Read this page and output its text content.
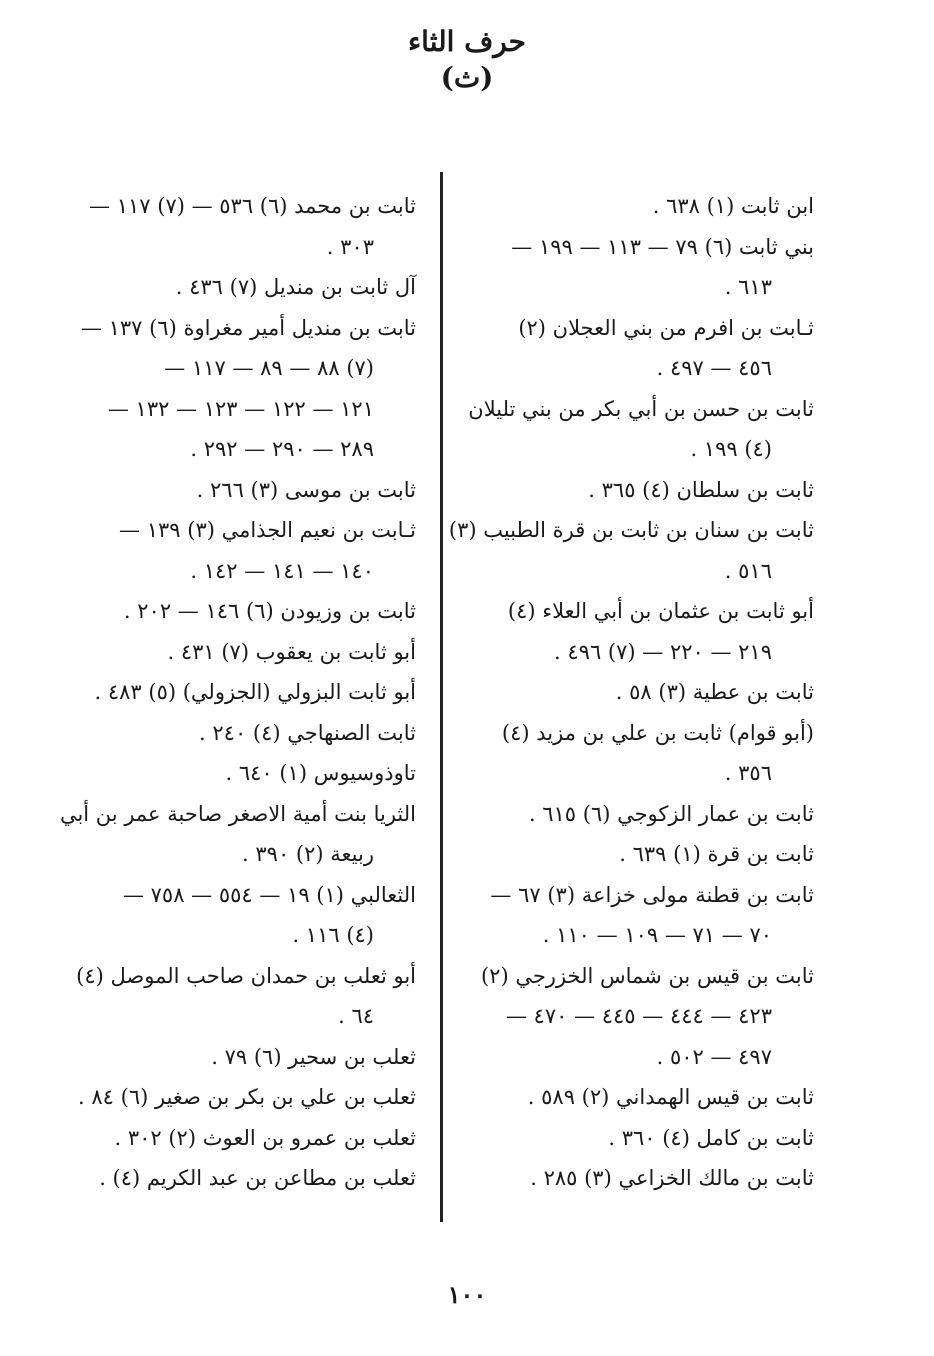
حرف الثاء
(ث)
ابن ثابت (١) ٦٣٨ .
بني ثابت (٦) ٧٩ — ١١٣ — ١٩٩ —
٦١٣ .
ثـابت بن افرم من بني العجلان (٢)
٤٥٦ — ٤٩٧ .
ثابت بن حسن بن أبي بكر من بني تليلان
(٤) ١٩٩ .
ثابت بن سلطان (٤) ٣٦٥ .
ثابت بن سنان بن ثابت بن قرة الطبيب (٣)
٥١٦ .
أبو ثابت بن عثمان بن أبي العلاء (٤)
٢١٩ — ٢٢٠ — (٧) ٤٩٦ .
ثابت بن عطية (٣) ٥٨ .
(أبو قوام) ثابت بن علي بن مزيد (٤)
٣٥٦ .
ثابت بن عمار الزكوجي (٦) ٦١٥ .
ثابت بن قرة (١) ٦٣٩ .
ثابت بن قطنة مولى خزاعة (٣) ٦٧ —
٧٠ — ٧١ — ١٠٩ — ١١٠ .
ثابت بن قيس بن شماس الخزرجي (٢)
٤٢٣ — ٤٤٤ — ٤٤٥ — ٤٧٠ —
٤٩٧ — ٥٠٢ .
ثابت بن قيس الهمداني (٢) ٥٨٩ .
ثابت بن كامل (٤) ٣٦٠ .
ثابت بن مالك الخزاعي (٣) ٢٨٥ .
ثابت بن محمد (٦) ٥٣٦ — (٧) ١١٧ —
٣٠٣ .
آل ثابت بن منديل (٧) ٤٣٦ .
ثابت بن منديل أمير مغراوة (٦) ١٣٧ —
(٧) ٨٨ — ٨٩ — ١١٧ —
١٢١ — ١٢٢ — ١٢٣ — ١٣٢ —
٢٨٩ — ٢٩٠ — ٢٩٢ .
ثابت بن موسى (٣) ٢٦٦ .
ثـابت بن نعيم الجذامي (٣) ١٣٩ —
١٤٠ — ١٤١ — ١٤٢ .
ثابت بن وزيودن (٦) ١٤٦ — ٢٠٢ .
أبو ثابت بن يعقوب (٧) ٤٣١ .
أبو ثابت البزولي (الجزولي) (٥) ٤٨٣ .
ثابت الصنهاجي (٤) ٢٤٠ .
تاوذوسيوس (١) ٦٤٠ .
الثريا بنت أمية الاصغر صاحبة عمر بن أبي
ربيعة (٢) ٣٩٠ .
الثعالبي (١) ١٩ — ٥٥٤ — ٧٥٨ —
(٤) ١١٦ .
أبو ثعلب بن حمدان صاحب الموصل (٤)
٦٤ .
ثعلب بن سحير (٦) ٧٩ .
ثعلب بن علي بن بكر بن صغير (٦) ٨٤ .
ثعلب بن عمرو بن العوث (٢) ٣٠٢ .
ثعلب بن مطاعن بن عبد الكريم (٤) .
١٠٠
